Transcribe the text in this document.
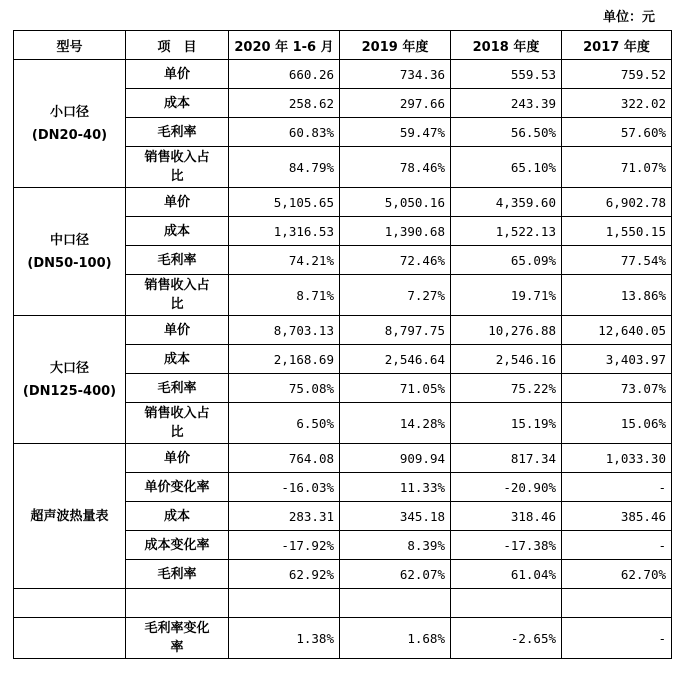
单位：元
型号	项　目	2020 年 1-6 月	2019 年度	2018 年度	2017 年度

小口径
(DN20-40)	单价	660.26	734.36	559.53	759.52
	成本	258.62	297.66	243.39	322.02
	毛利率	60.83%	59.47%	56.50%	57.60%

	销售收入占
比	84.79%	78.46%	65.10%	71.07%

中口径
(DN50-100)	单价	5,105.65	5,050.16	4,359.60	6,902.78
	成本	1,316.53	1,390.68	1,522.13	1,550.15
	毛利率	74.21%	72.46%	65.09%	77.54%

	销售收入占
比	8.71%	7.27%	19.71%	13.86%

大口径
(DN125-400)	单价	8,703.13	8,797.75	10,276.88	12,640.05
	成本	2,168.69	2,546.64	2,546.16	3,403.97
	毛利率	75.08%	71.05%	75.22%	73.07%

	销售收入占
比	6.50%	14.28%	15.19%	15.06%
超声波热量表	单价	764.08	909.94	817.34	1,033.30
	单价变化率	-16.03%	11.33%	-20.90%	-
	成本	283.31	345.18	318.46	385.46
	成本变化率	-17.92%	8.39%	-17.38%	-
	毛利率	62.92%	62.07%	61.04%	62.70%

	毛利率变化
率	1.38%	1.68%	-2.65%	-
